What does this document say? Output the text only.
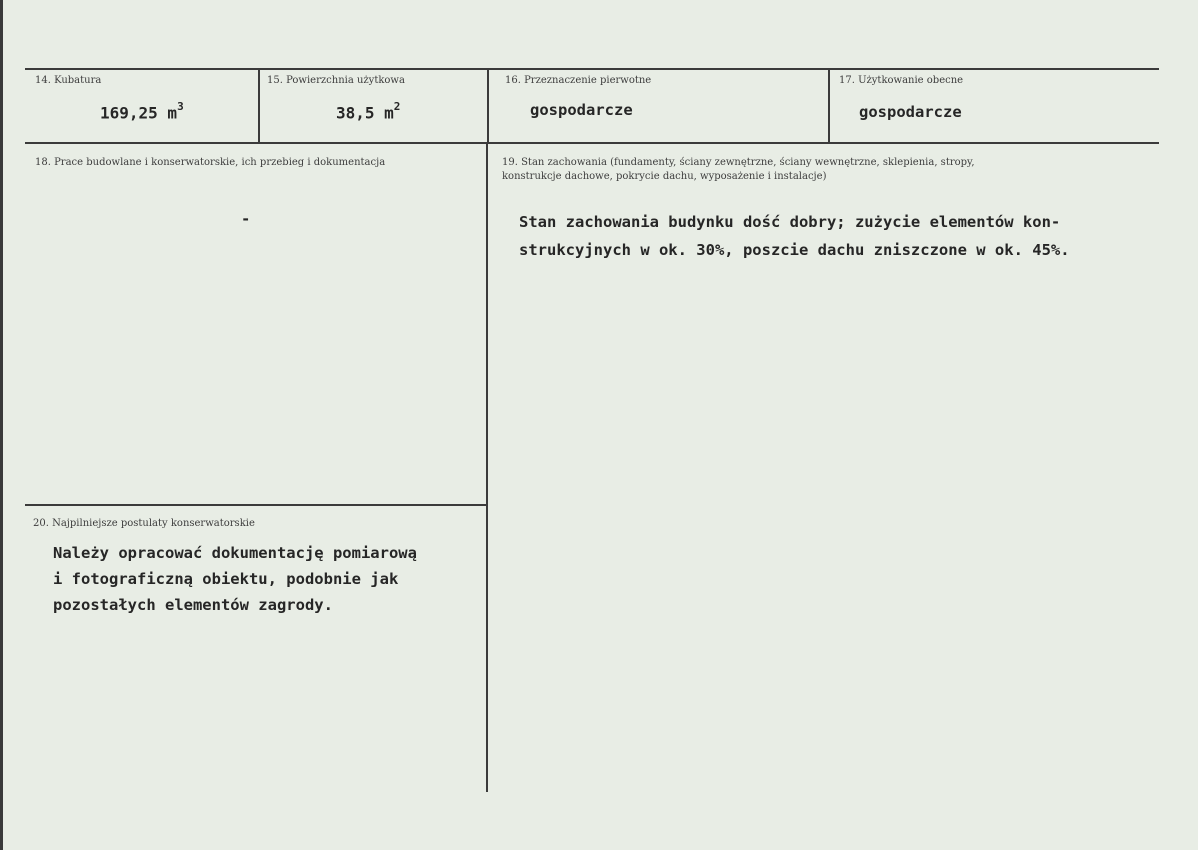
14. Kubatura
169,25 $m^3$
15. Powierzchnia użytkowa
38,5 $m^2$
16. Przeznaczenie pierwotne
gospodarcze
17. Użytkowanie obecne
gospodarcze
18. Prace budowlane i konserwatorskie, ich przebieg i dokumentacja
-
19. Stan zachowania (fundamenty, ściany zewnętrzne, ściany wewnętrzne, sklepienia, stropy,
konstrukcje dachowe, pokrycie dachu, wyposażenie i instalacje)
Stan zachowania budynku dość dobry; zużycie elementów kon-
strukcyjnych w ok. 30%, poszcie dachu zniszczone w ok. 45%.
20. Najpilniejsze postulaty konserwatorskie
Należy opracować dokumentację pomiarową
i fotograficzną obiektu, podobnie jak
pozostałych elementów zagrody.
